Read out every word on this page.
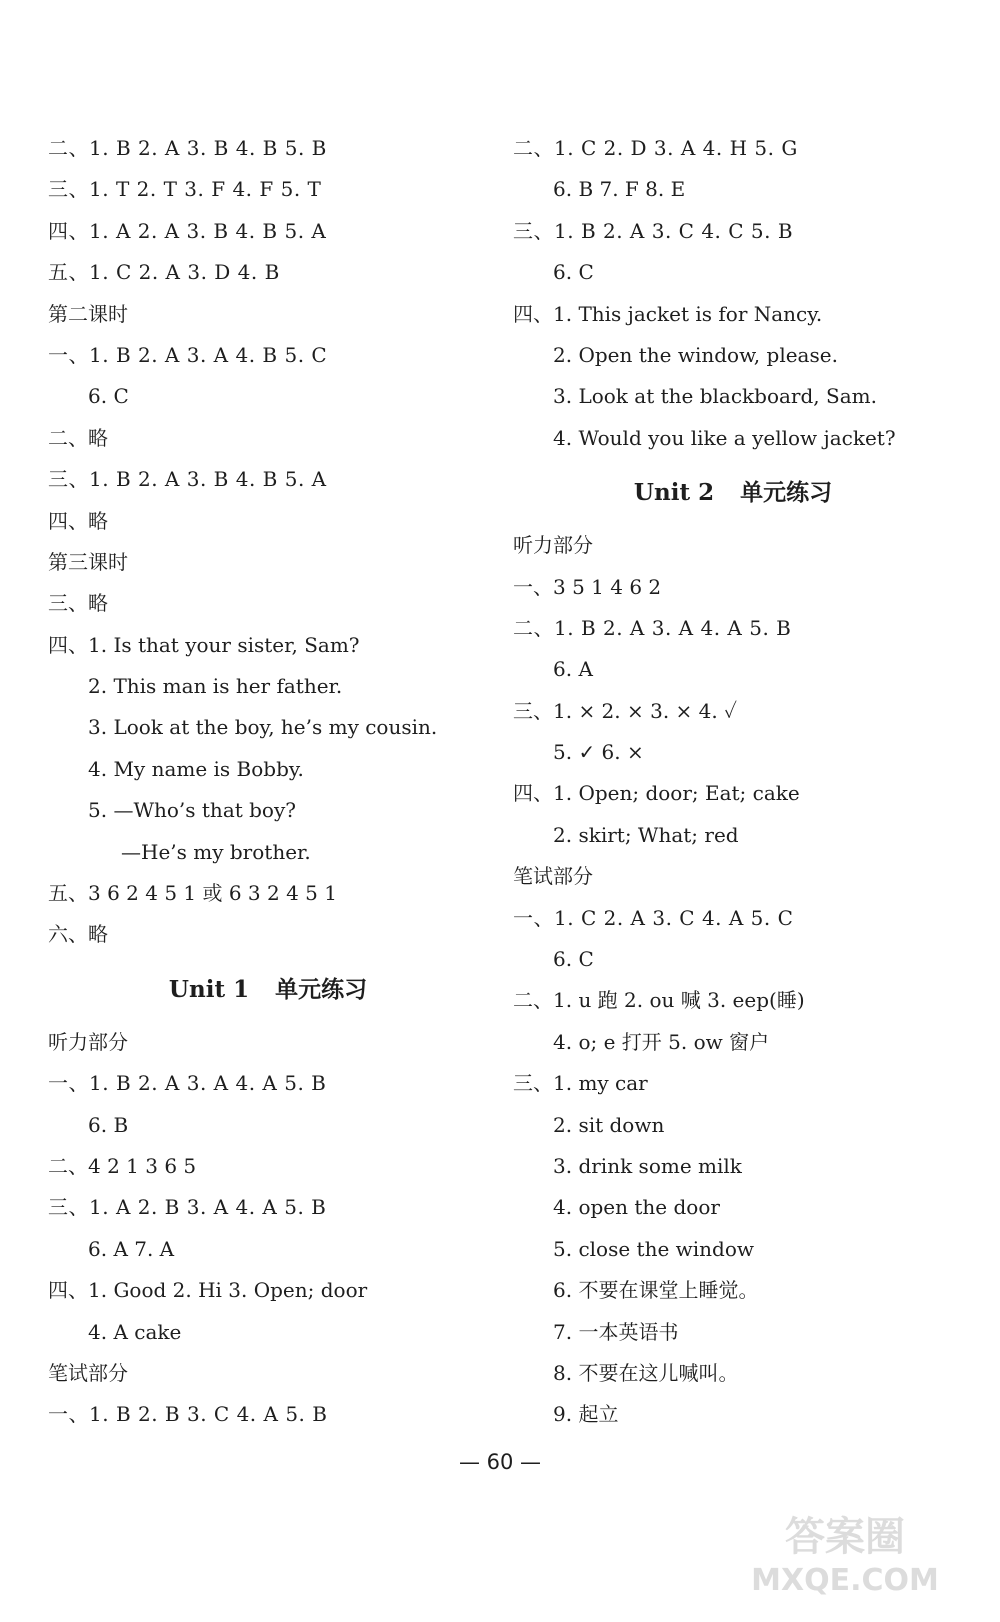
二、1. B 2. A 3. B 4. B 5. B
三、1. T 2. T 3. F 4. F 5. T
四、1. A 2. A 3. B 4. B 5. A
五、1. C 2. A 3. D 4. B
第二课时
一、1. B 2. A 3. A 4. B 5. C
6. C
二、略
三、1. B 2. A 3. B 4. B 5. A
四、略
第三课时
三、略
四、1. Is that your sister, Sam?
2. This man is her father.
3. Look at the boy, he’s my cousin.
4. My name is Bobby.
5. —Who’s that boy?
—He’s my brother.
五、3 6 2 4 5 1 或 6 3 2 4 5 1
六、略
Unit 1 单元练习
听力部分
一、1. B 2. A 3. A 4. A 5. B
6. B
二、4 2 1 3 6 5
三、1. A 2. B 3. A 4. A 5. B
6. A 7. A
四、1. Good 2. Hi 3. Open; door
4. A cake
笔试部分
一、1. B 2. B 3. C 4. A 5. B
二、1. C 2. D 3. A 4. H 5. G
6. B 7. F 8. E
三、1. B 2. A 3. C 4. C 5. B
6. C
四、1. This jacket is for Nancy.
2. Open the window, please.
3. Look at the blackboard, Sam.
4. Would you like a yellow jacket?
Unit 2 单元练习
听力部分
一、3 5 1 4 6 2
二、1. B 2. A 3. A 4. A 5. B
6. A
三、1. × 2. × 3. × 4. ✓
5. ✓ 6. ×
四、1. Open; door; Eat; cake
2. skirt; What; red
笔试部分
一、1. C 2. A 3. C 4. A 5. C
6. C
二、1. u 跑 2. ou 喊 3. eep(睡)
4. o; e 打开 5. ow 窗户
三、1. my car
2. sit down
3. drink some milk
4. open the door
5. close the window
6. 不要在课堂上睡觉。
7. 一本英语书
8. 不要在这儿喊叫。
9. 起立
— 60 —
答案圈
MXQE.COM
